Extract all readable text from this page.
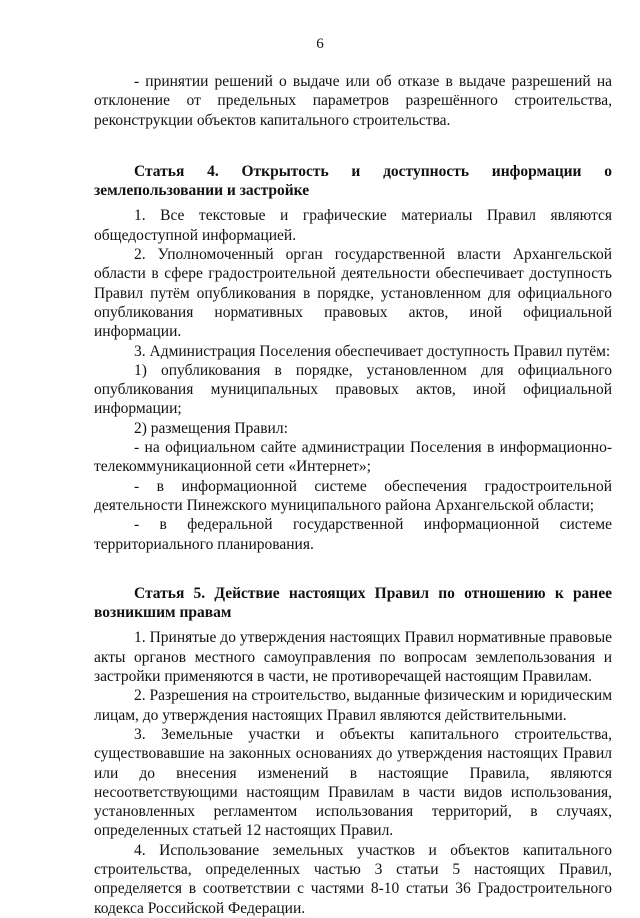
6

- принятии решений о выдаче или об отказе в выдаче разрешений на отклонение от предельных параметров разрешённого строительства, реконструкции объектов капитального строительства.

Статья 4. Открытость и доступность информации о землепользовании и застройке

1. Все текстовые и графические материалы Правил являются общедоступной информацией.

2. Уполномоченный орган государственной власти Архангельской области в сфере градостроительной деятельности обеспечивает доступность Правил путём опубликования в порядке, установленном для официального опубликования нормативных правовых актов, иной официальной информации.

3. Администрация Поселения обеспечивает доступность Правил путём:

1) опубликования в порядке, установленном для официального опубликования муниципальных правовых актов, иной официальной информации;

2) размещения Правил:

- на официальном сайте администрации Поселения в информационно-телекоммуникационной сети «Интернет»;

- в информационной системе обеспечения градостроительной деятельности Пинежского муниципального района Архангельской области;

- в федеральной государственной информационной системе территориального планирования.

Статья 5. Действие настоящих Правил по отношению к ранее возникшим правам

1. Принятые до утверждения настоящих Правил нормативные правовые акты органов местного самоуправления по вопросам землепользования и застройки применяются в части, не противоречащей настоящим Правилам.

2. Разрешения на строительство, выданные физическим и юридическим лицам, до утверждения настоящих Правил являются действительными.

3. Земельные участки и объекты капитального строительства, существовавшие на законных основаниях до утверждения настоящих Правил или до внесения изменений в настоящие Правила, являются несоответствующими настоящим Правилам в части видов использования, установленных регламентом использования территорий, в случаях, определенных статьей 12 настоящих Правил.

4. Использование земельных участков и объектов капитального строительства, определенных частью 3 статьи 5 настоящих Правил, определяется в соответствии с частями 8-10 статьи 36 Градостроительного кодекса Российской Федерации.
